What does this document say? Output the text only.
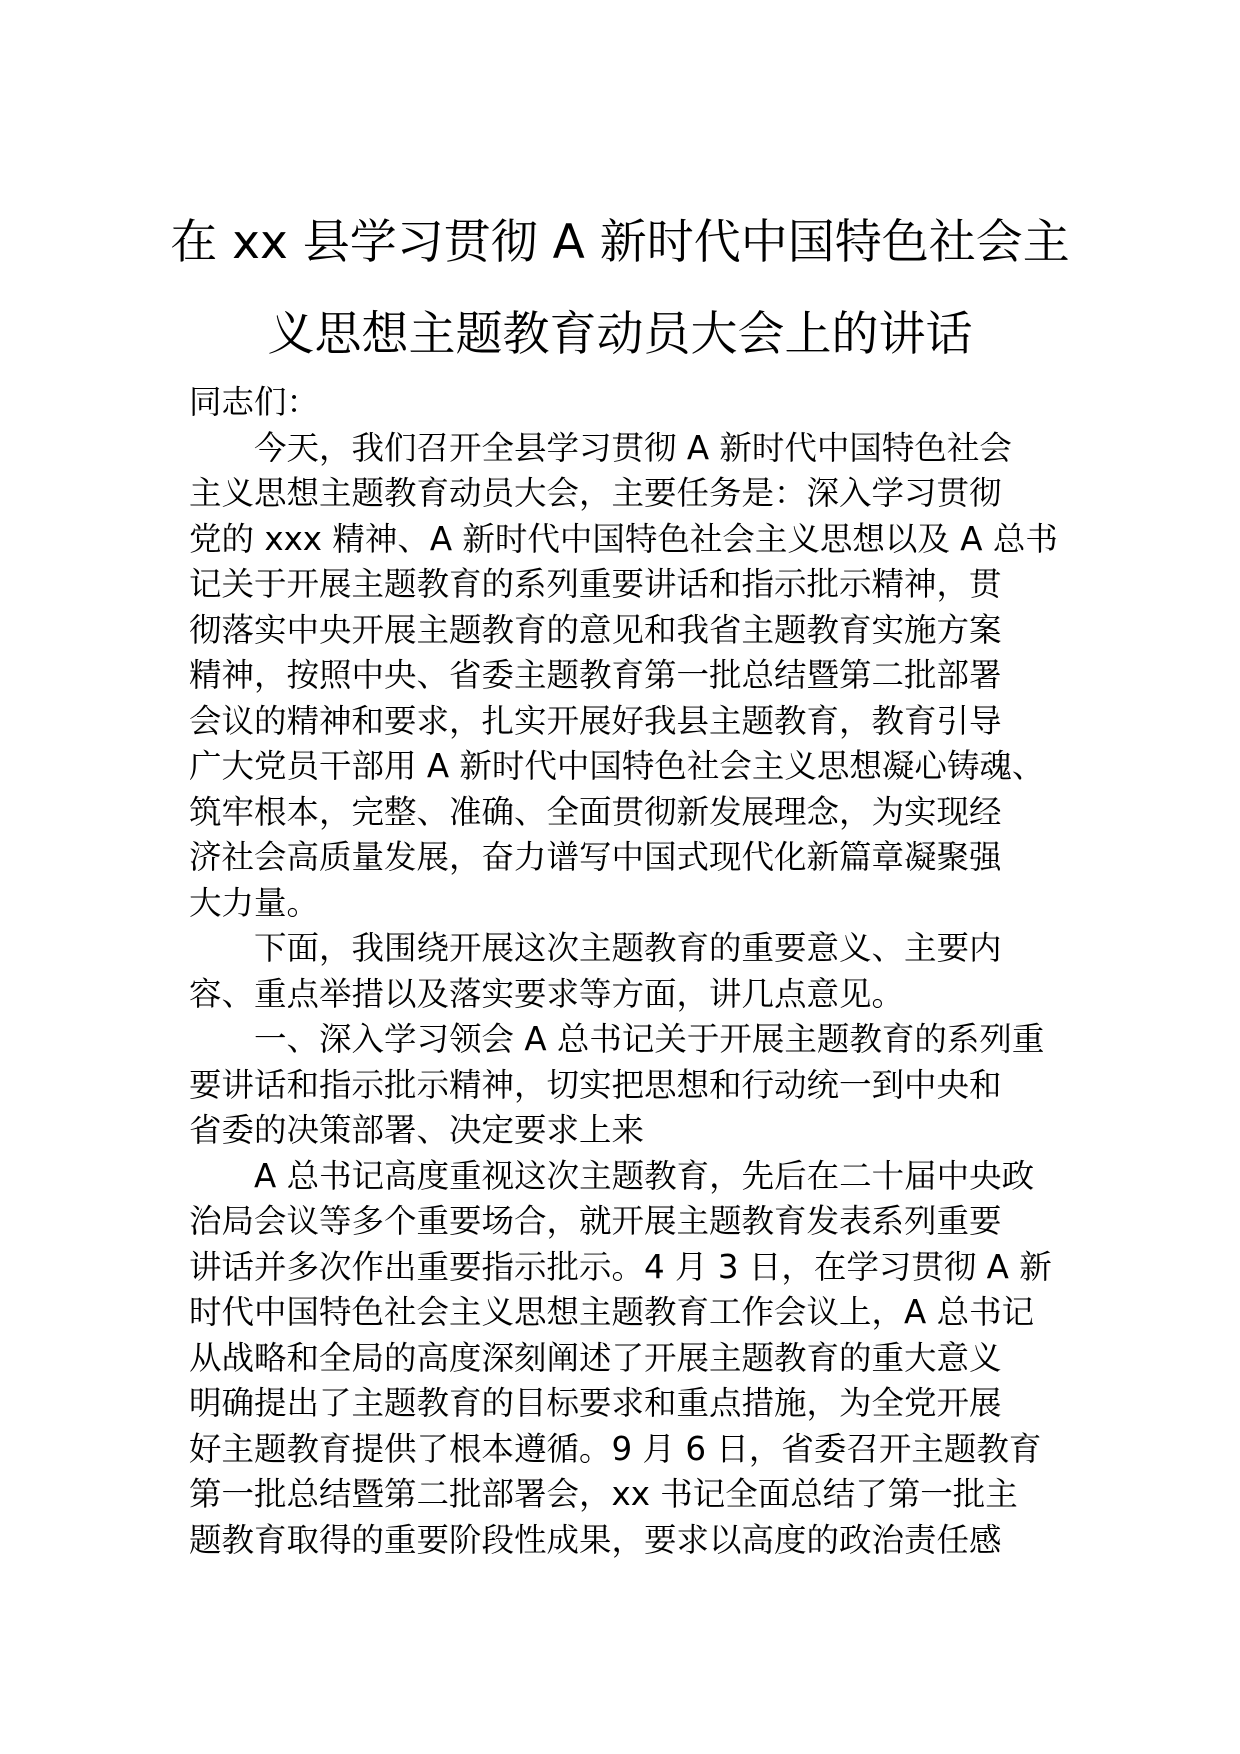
在 xx 县学习贯彻 A 新时代中国特色社会主
义思想主题教育动员大会上的讲话
同志们：
今天，我们召开全县学习贯彻 A 新时代中国特色社会
主义思想主题教育动员大会，主要任务是：深入学习贯彻
党的 xxx 精神、A 新时代中国特色社会主义思想以及 A 总书
记关于开展主题教育的系列重要讲话和指示批示精神，贯
彻落实中央开展主题教育的意见和我省主题教育实施方案
精神，按照中央、省委主题教育第一批总结暨第二批部署
会议的精神和要求，扎实开展好我县主题教育，教育引导
广大党员干部用 A 新时代中国特色社会主义思想凝心铸魂、
筑牢根本，完整、准确、全面贯彻新发展理念，为实现经
济社会高质量发展，奋力谱写中国式现代化新篇章凝聚强
大力量。
下面，我围绕开展这次主题教育的重要意义、主要内
容、重点举措以及落实要求等方面，讲几点意见。
一、深入学习领会 A 总书记关于开展主题教育的系列重
要讲话和指示批示精神，切实把思想和行动统一到中央和
省委的决策部署、决定要求上来
A 总书记高度重视这次主题教育，先后在二十届中央政
治局会议等多个重要场合，就开展主题教育发表系列重要
讲话并多次作出重要指示批示。4 月 3 日，在学习贯彻 A 新
时代中国特色社会主义思想主题教育工作会议上，A 总书记
从战略和全局的高度深刻阐述了开展主题教育的重大意义
明确提出了主题教育的目标要求和重点措施，为全党开展
好主题教育提供了根本遵循。9 月 6 日，省委召开主题教育
第一批总结暨第二批部署会，xx 书记全面总结了第一批主
题教育取得的重要阶段性成果，要求以高度的政治责任感
